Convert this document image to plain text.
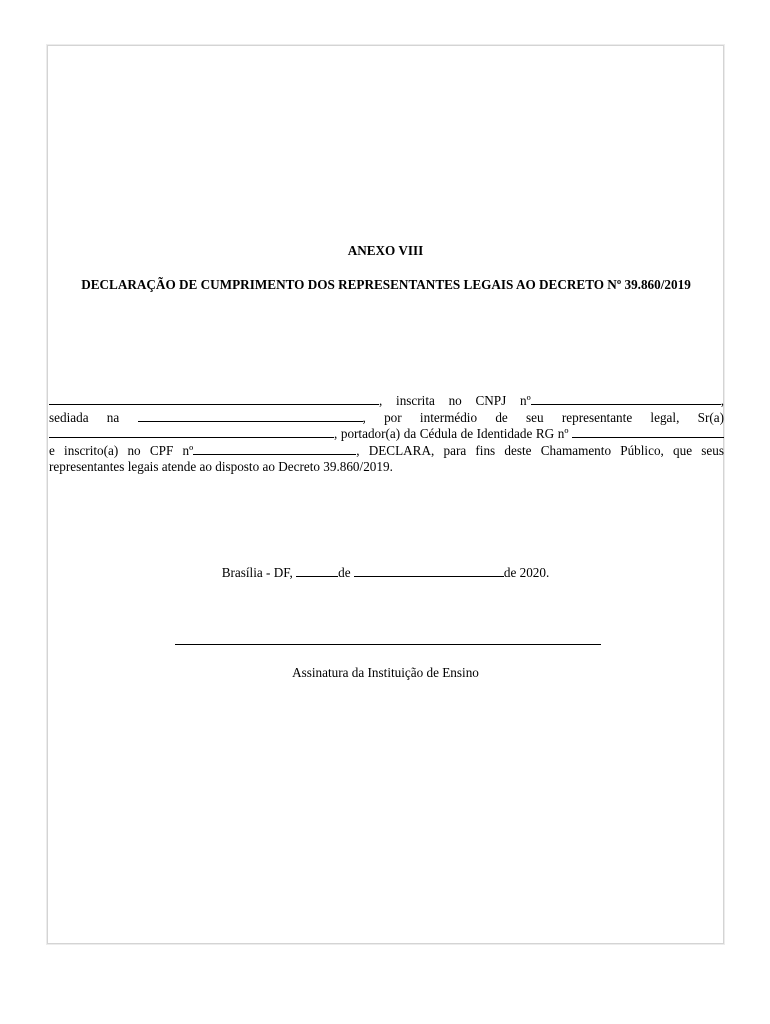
ANEXO VIII
DECLARAÇÃO DE CUMPRIMENTO DOS REPRESENTANTES LEGAIS AO DECRETO Nº 39.860/2019
, inscrita no CNPJ nº	, sediada na	, por intermédio de seu representante legal, Sr(a), portador(a) da Cédula de Identidade RG nº e inscrito(a) no CPF nº	, DECLARA, para fins deste Chamamento Público, que seus representantes legais atende ao disposto ao Decreto 39.860/2019.
Brasília - DF,	de	de 2020.
Assinatura da Instituição de Ensino
